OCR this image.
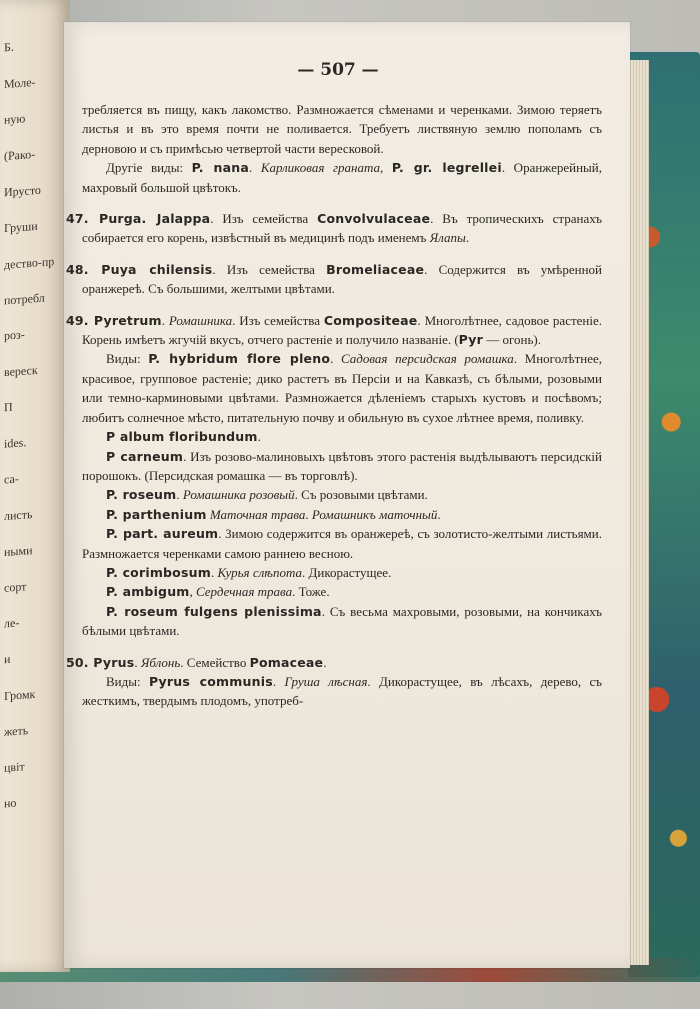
Б.
Моле-
ную
(Рако-
Ирусто
Груши
дество-пр
потребл
роз-
вереск
П
ides.
са-
листь
ными
сорт
ле-
и
Громк
жеть
цвіт
но
— 507 —

требляется въ пищу, какъ лакомство. Размножается сѣменами и черенками. Зимою теряетъ листья и въ это время почти не поливается. Требуетъ листвяную землю пополамъ съ дерновою и съ примѣсью четвертой части вересковой.

Другіе виды: P. nana. Карликовая граната, P. gr. legrellei. Оранжерейный, махровый большой цвѣтокъ.

47. Purga. Jalappa. Изъ семейства Convolvulaceae. Въ тропическихъ странахъ собирается его корень, извѣстный въ медицинѣ подъ именемъ Ялапы.

48. Puya chilensis. Изъ семейства Bromeliaceae. Содержится въ умѣренной оранжереѣ. Съ большими, желтыми цвѣтами.

49. Pyretrum. Ромашника. Изъ семейства Compositeae. Многолѣтнее, садовое растеніе. Корень имѣетъ жгучій вкусъ, отчего растеніе и получило названіе. (Pyr — огонь).

Виды: P. hybridum flore pleno. Садовая персидская ромашка. Многолѣтнее, красивое, групповое растеніе; дико растетъ въ Персіи и на Кавказѣ, съ бѣлыми, розовыми или темно-карминовыми цвѣтами. Размножается дѣленіемъ старыхъ кустовъ и посѣвомъ; любитъ солнечное мѣсто, питательную почву и обильную въ сухое лѣтнее время, поливку.

P album floribundum.

P carneum. Изъ розово-малиновыхъ цвѣтовъ этого растенія выдѣлываютъ персидскій порошокъ. (Персидская ромашка — въ торговлѣ).

P. roseum. Ромашника розовый. Съ розовыми цвѣтами.

P. parthenium Маточная трава. Ромашникъ маточный.

P. part. aureum. Зимою содержится въ оранжереѣ, съ золотисто-желтыми листьями. Размножается черенками самою раннею весною.

P. corimbosum. Курья слѣпота. Дикорастущее.

P. ambigum, Сердечная трава. Тоже.

P. roseum fulgens plenissima. Съ весьма махровыми, розовыми, на кончикахъ бѣлыми цвѣтами.

50. Pyrus. Яблонь. Семейство Pomaceae.

Виды: Pyrus communis. Груша лѣсная. Дикорастущее, въ лѣсахъ, дерево, съ жесткимъ, твердымъ плодомъ, употреб-
